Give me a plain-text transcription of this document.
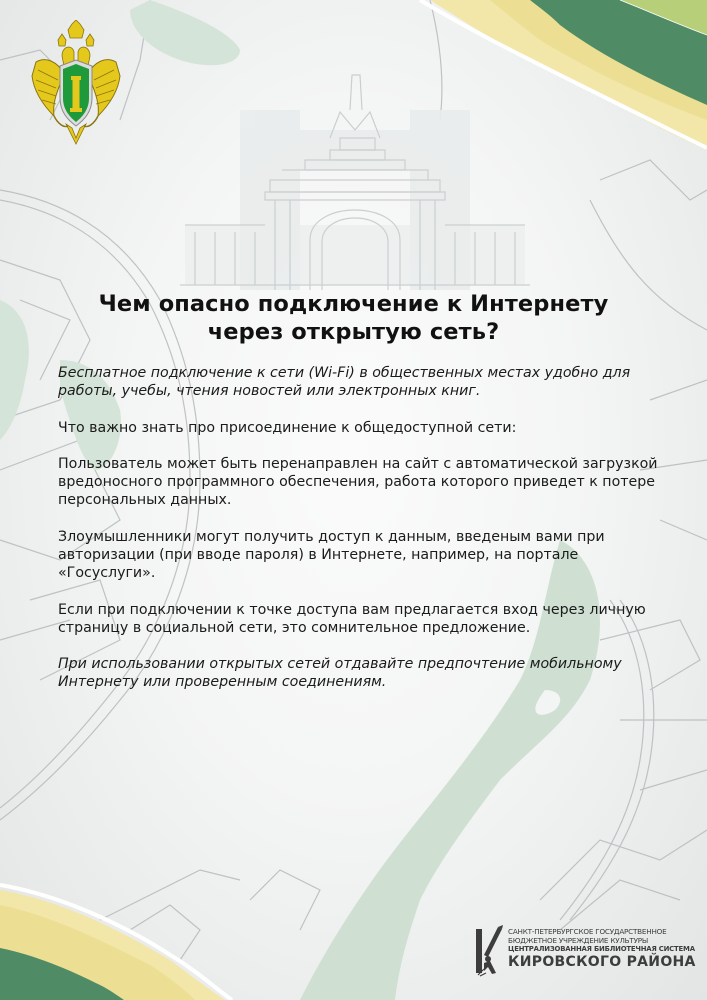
Чем опасно подключение к Интернету
через открытую сеть?

Бесплатное подключение к сети (Wi-Fi) в общественных местах удобно для работы, учебы, чтения новостей или электронных книг.

Что важно знать про присоединение к общедоступной сети:

Пользователь может быть перенаправлен на сайт с автоматической загрузкой вредоносного программного обеспечения, работа которого приведет к потере персональных данных.

Злоумышленники могут получить доступ к данным, введеным вами при авторизации (при вводе пароля) в Интернете, например, на портале «Госуслуги».

Если при подключении к точке доступа вам предлагается вход через личную страницу в социальной сети, это сомнительное предложение.

При использовании открытых сетей отдавайте предпочтение мобильному Интернету или проверенным соединениям.

САНКТ-ПЕТЕРБУРГСКОЕ ГОСУДАРСТВЕННОЕ
БЮДЖЕТНОЕ УЧРЕЖДЕНИЕ КУЛЬТУРЫ
ЦЕНТРАЛИЗОВАННАЯ БИБЛИОТЕЧНАЯ СИСТЕМА
КИРОВСКОГО РАЙОНА
